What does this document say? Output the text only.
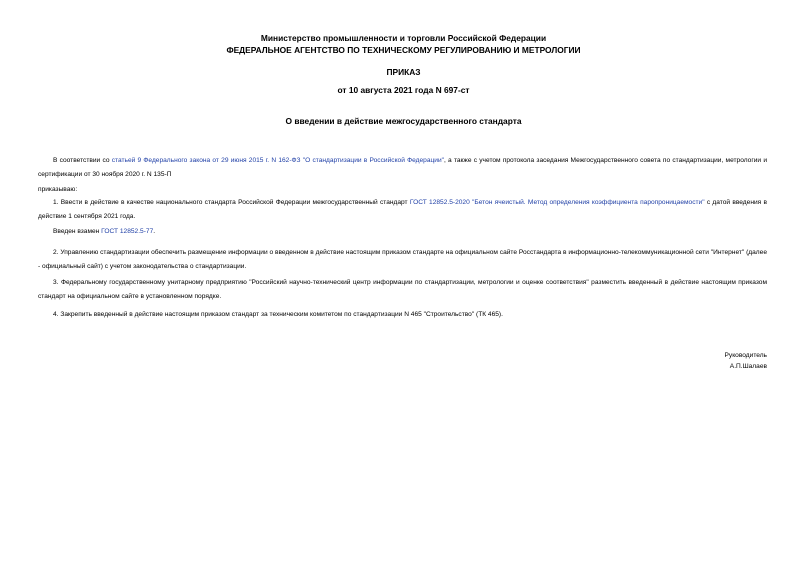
Министерство промышленности и торговли Российской Федерации
ФЕДЕРАЛЬНОЕ АГЕНТСТВО ПО ТЕХНИЧЕСКОМУ РЕГУЛИРОВАНИЮ И МЕТРОЛОГИИ
ПРИКАЗ
от 10 августа 2021 года N 697-ст
О введении в действие межгосударственного стандарта

В соответствии со статьей 9 Федерального закона от 29 июня 2015 г. N 162-ФЗ "О стандартизации в Российской Федерации", а также с учетом протокола заседания Межгосударственного совета по стандартизации, метрологии и сертификации от 30 ноября 2020 г. N 135-П

приказываю:

1. Ввести в действие в качестве национального стандарта Российской Федерации межгосударственный стандарт ГОСТ 12852.5-2020 "Бетон ячеистый. Метод определения коэффициента паропроницаемости" с датой введения в действие 1 сентября 2021 года.

Введен взамен ГОСТ 12852.5-77.

2. Управлению стандартизации обеспечить размещение информации о введенном в действие настоящим приказом стандарте на официальном сайте Росстандарта в информационно-телекоммуникационной сети "Интернет" (далее - официальный сайт) с учетом законодательства о стандартизации.

3. Федеральному государственному унитарному предприятию "Российский научно-технический центр информации по стандартизации, метрологии и оценке соответствия" разместить введенный в действие настоящим приказом стандарт на официальном сайте в установленном порядке.

4. Закрепить введенный в действие настоящим приказом стандарт за техническим комитетом по стандартизации N 465 "Строительство" (ТК 465).

Руководитель
А.П.Шалаев
